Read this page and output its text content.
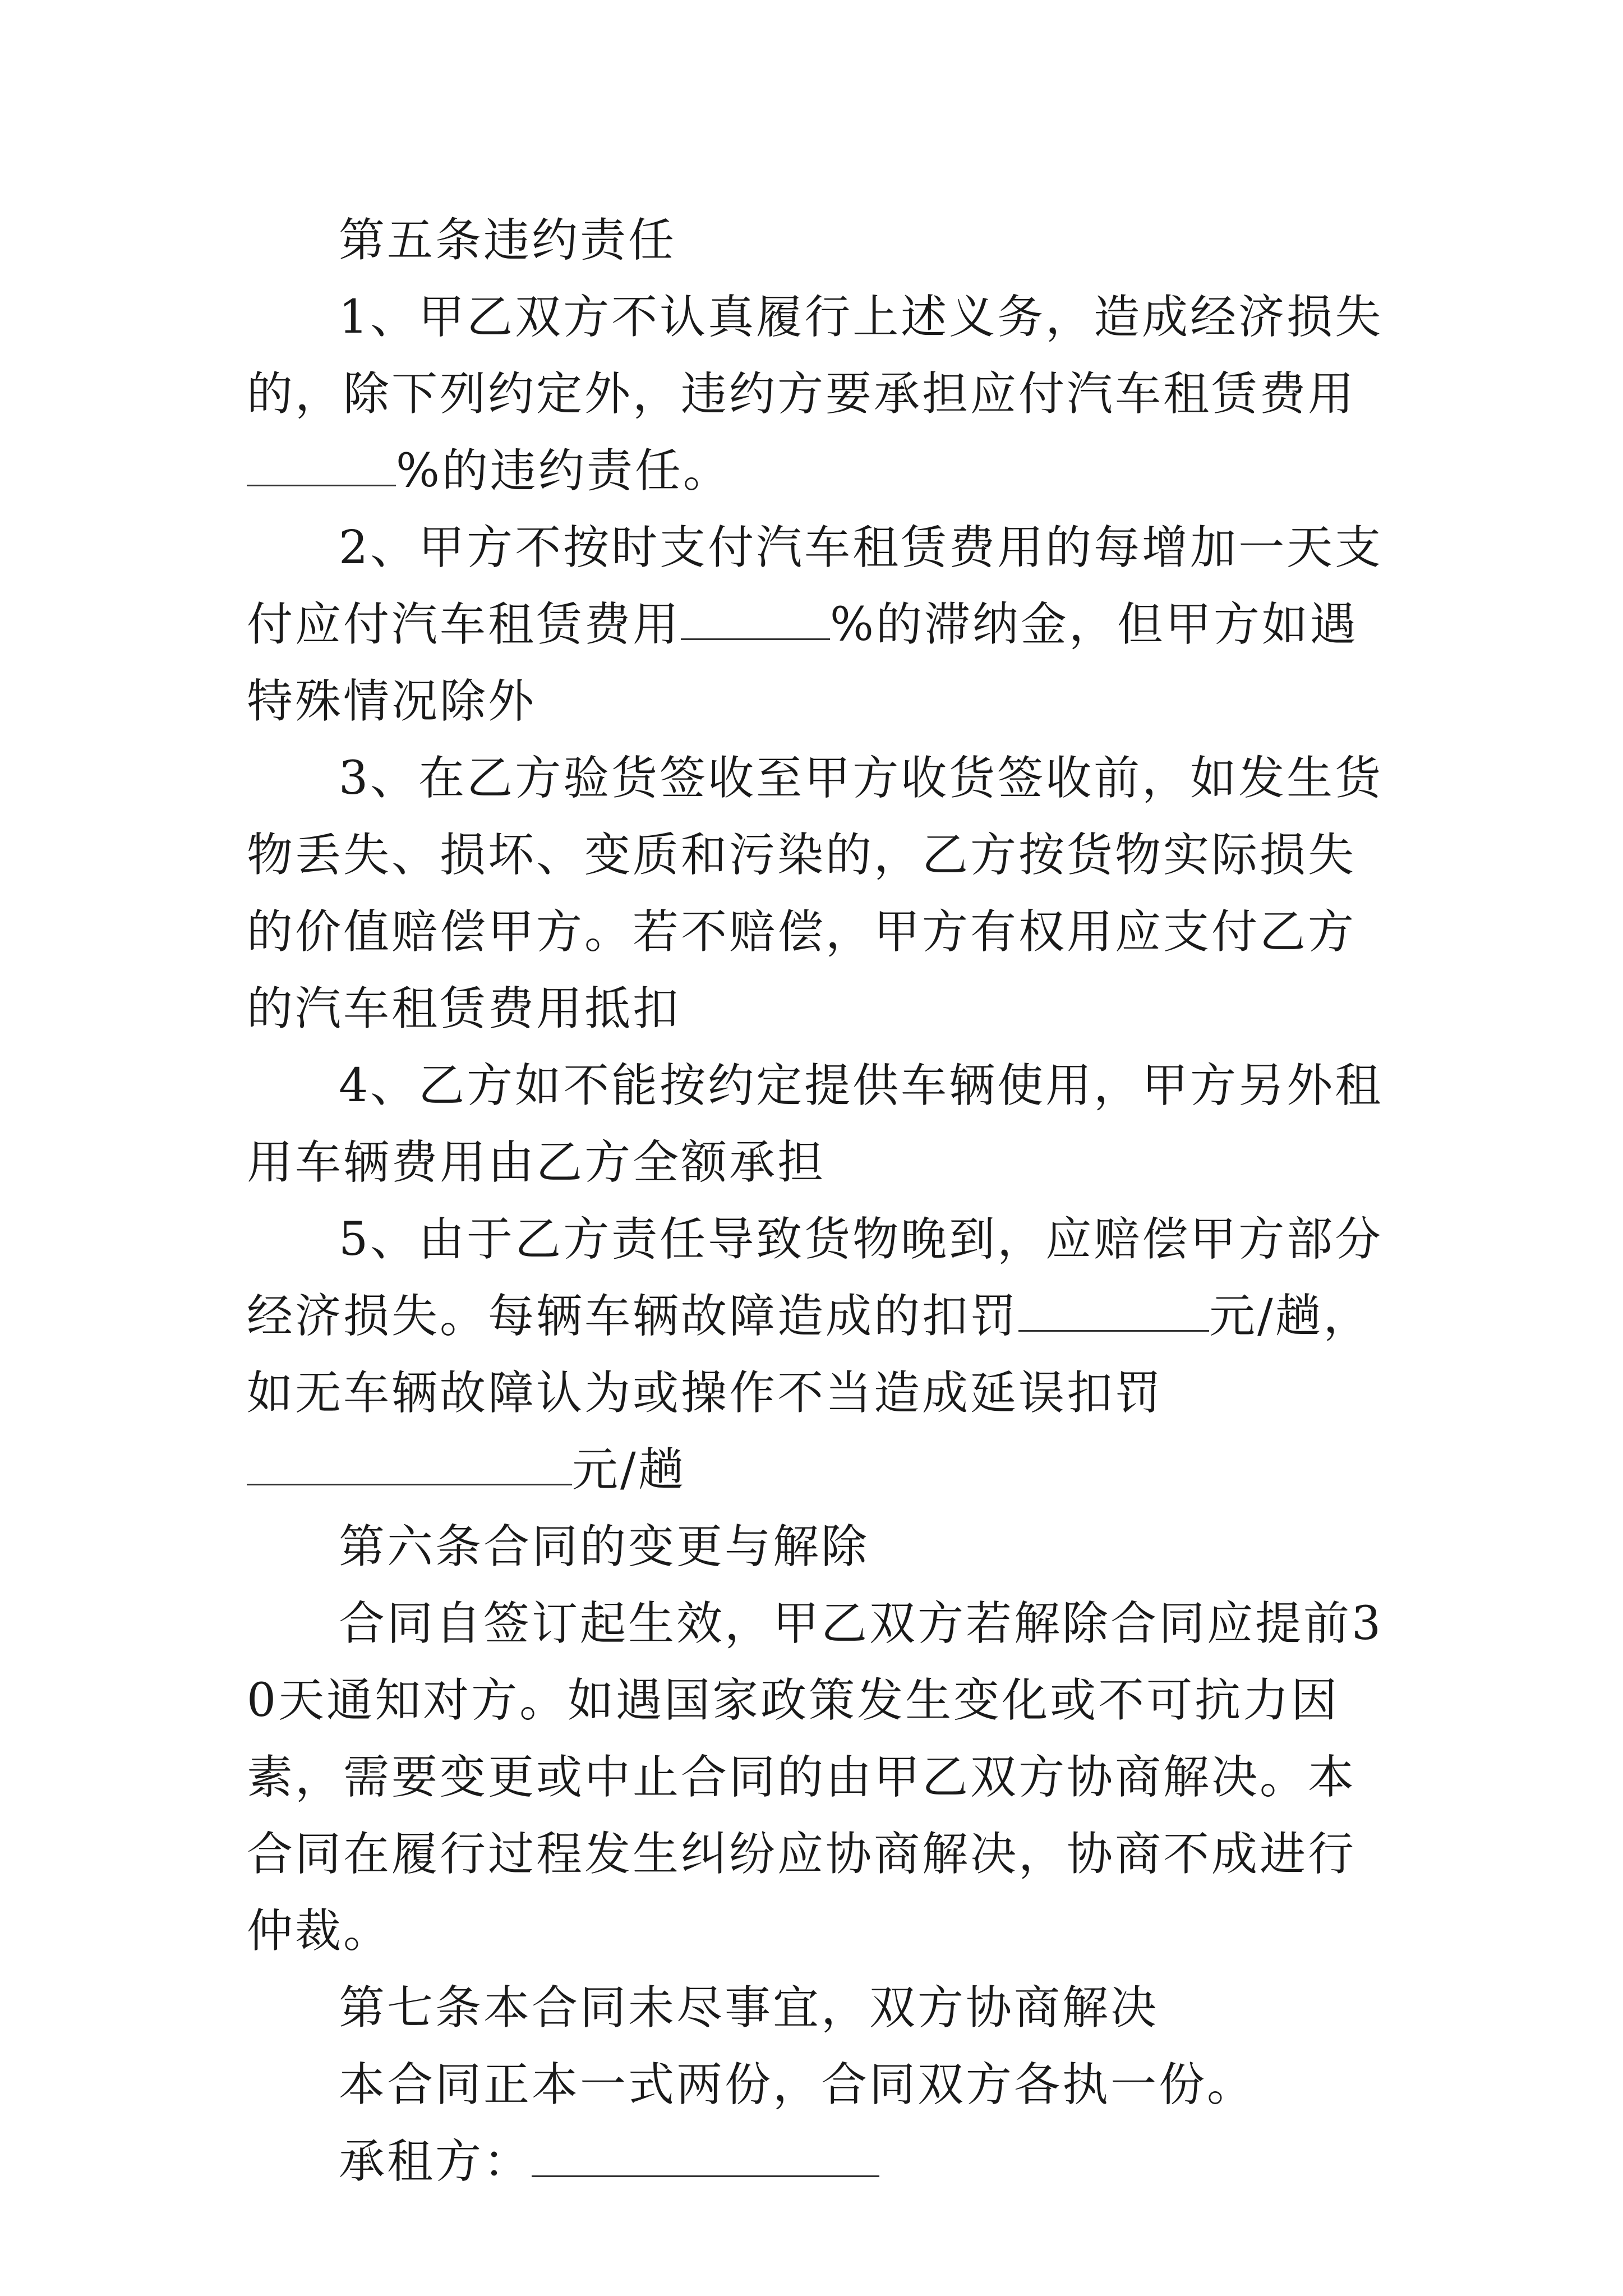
第五条违约责任

1、甲乙双方不认真履行上述义务，造成经济损失的，除下列约定外，违约方要承担应付汽车租赁费用%的违约责任。

2、甲方不按时支付汽车租赁费用的每增加一天支付应付汽车租赁费用	%的滞纳金，但甲方如遇特殊情况除外

3、在乙方验货签收至甲方收货签收前，如发生货物丢失、损坏、变质和污染的，乙方按货物实际损失的价值赔偿甲方。若不赔偿，甲方有权用应支付乙方的汽车租赁费用抵扣

4、乙方如不能按约定提供车辆使用，甲方另外租用车辆费用由乙方全额承担

5、由于乙方责任导致货物晚到，应赔偿甲方部分经济损失。每辆车辆故障造成的扣罚	元/趟，如无车辆故障认为或操作不当造成延误扣罚元/趟

第六条合同的变更与解除

合同自签订起生效，甲乙双方若解除合同应提前30天通知对方。如遇国家政策发生变化或不可抗力因素，需要变更或中止合同的由甲乙双方协商解决。本合同在履行过程发生纠纷应协商解决，协商不成进行仲裁。

第七条本合同未尽事宜，双方协商解决

本合同正本一式两份，合同双方各执一份。

承租方：
